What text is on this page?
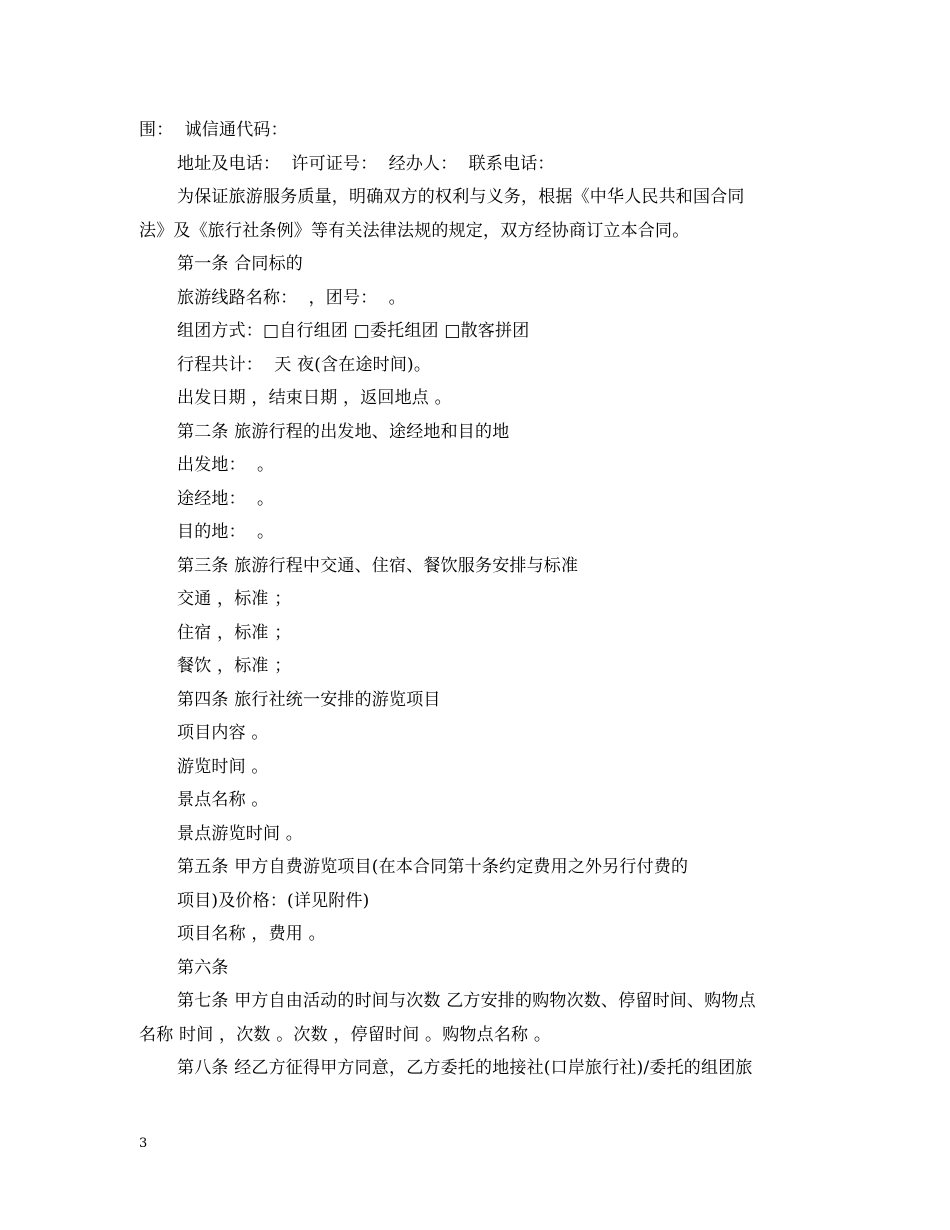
围：  诚信通代码：
地址及电话：  许可证号：  经办人：  联系电话：
为保证旅游服务质量，明确双方的权利与义务，根据《中华人民共和国合同
法》及《旅行社条例》等有关法律法规的规定，双方经协商订立本合同。
第一条 合同标的
旅游线路名称：  ，团号：  。
组团方式：□自行组团 □委托组团 □散客拼团
行程共计：  天 夜(含在途时间)。
出发日期 ，结束日期 ，返回地点 。
第二条 旅游行程的出发地、途经地和目的地
出发地：  。
途经地：  。
目的地：  。
第三条 旅游行程中交通、住宿、餐饮服务安排与标准
交通 ，标准 ；
住宿 ，标准 ；
餐饮 ，标准 ；
第四条 旅行社统一安排的游览项目
项目内容 。
游览时间 。
景点名称 。
景点游览时间 。
第五条 甲方自费游览项目(在本合同第十条约定费用之外另行付费的
项目)及价格：(详见附件)
项目名称 ，费用 。
第六条
第七条 甲方自由活动的时间与次数 乙方安排的购物次数、停留时间、购物点
名称 时间 ，次数 。次数 ，停留时间 。购物点名称 。
第八条 经乙方征得甲方同意，乙方委托的地接社(口岸旅行社)/委托的组团旅
3
